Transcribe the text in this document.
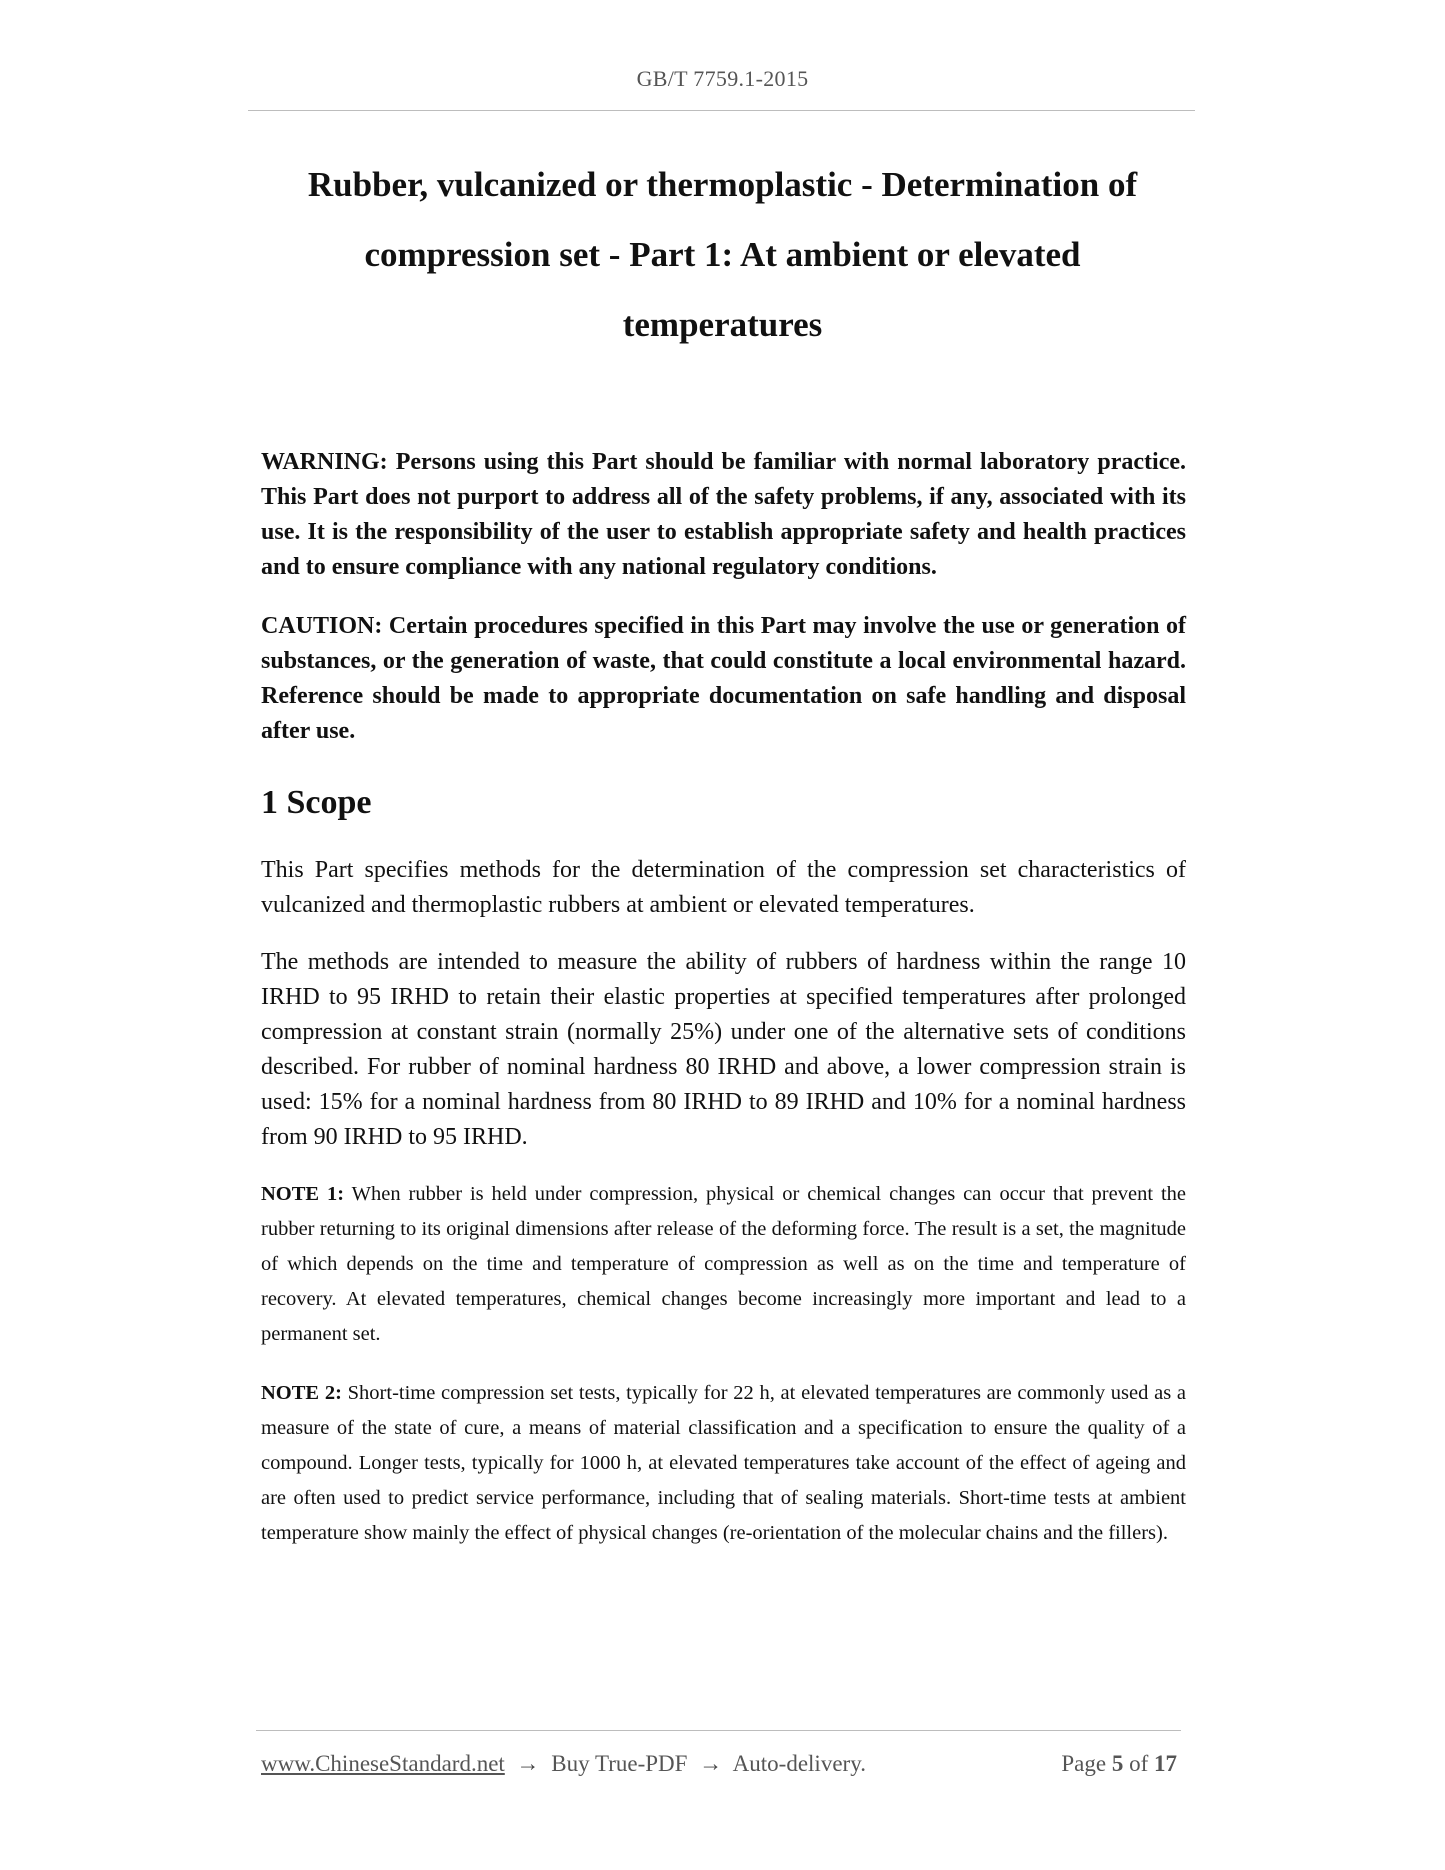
GB/T 7759.1-2015
Rubber, vulcanized or thermoplastic - Determination of
compression set - Part 1: At ambient or elevated
temperatures

WARNING: Persons using this Part should be familiar with normal laboratory practice. This Part does not purport to address all of the safety problems, if any, associated with its use. It is the responsibility of the user to establish appropriate safety and health practices and to ensure compliance with any national regulatory conditions.

CAUTION: Certain procedures specified in this Part may involve the use or generation of substances, or the generation of waste, that could constitute a local environmental hazard. Reference should be made to appropriate documentation on safe handling and disposal after use.

1 Scope

This Part specifies methods for the determination of the compression set characteristics of vulcanized and thermoplastic rubbers at ambient or elevated temperatures.

The methods are intended to measure the ability of rubbers of hardness within the range 10 IRHD to 95 IRHD to retain their elastic properties at specified temperatures after prolonged compression at constant strain (normally 25%) under one of the alternative sets of conditions described. For rubber of nominal hardness 80 IRHD and above, a lower compression strain is used: 15% for a nominal hardness from 80 IRHD to 89 IRHD and 10% for a nominal hardness from 90 IRHD to 95 IRHD.

NOTE 1: When rubber is held under compression, physical or chemical changes can occur that prevent the rubber returning to its original dimensions after release of the deforming force. The result is a set, the magnitude of which depends on the time and temperature of compression as well as on the time and temperature of recovery. At elevated temperatures, chemical changes become increasingly more important and lead to a permanent set.

NOTE 2: Short-time compression set tests, typically for 22 h, at elevated temperatures are commonly used as a measure of the state of cure, a means of material classification and a specification to ensure the quality of a compound. Longer tests, typically for 1000 h, at elevated temperatures take account of the effect of ageing and are often used to predict service performance, including that of sealing materials. Short-time tests at ambient temperature show mainly the effect of physical changes (re-orientation of the molecular chains and the fillers).

www.ChineseStandard.net → Buy True-PDF → Auto-delivery.	Page 5 of 17
